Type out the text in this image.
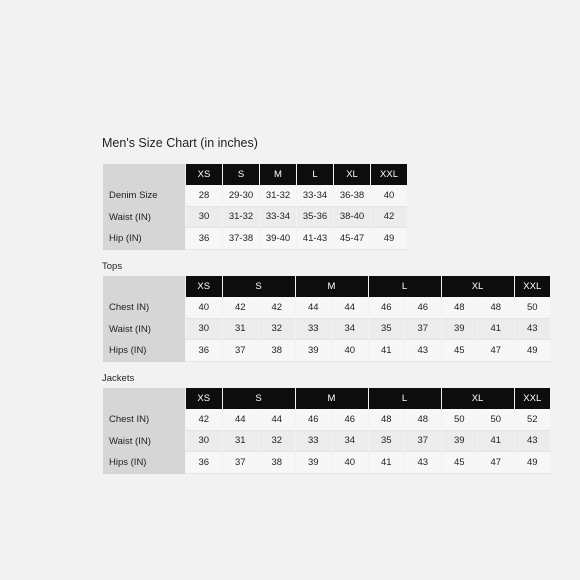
Men's Size Chart (in inches)
	XS	S	M	L	XL	XXL
Denim Size	28	29-30	31-32	33-34	36-38	40
Waist (IN)	30	31-32	33-34	35-36	38-40	42
Hip (IN)	36	37-38	39-40	41-43	45-47	49
Tops
	XS	S		M		L		XL		XXL
Chest IN)	40	42	42	44	44	46	46	48	48	50
Waist (IN)	30	31	32	33	34	35	37	39	41	43
Hips (IN)	36	37	38	39	40	41	43	45	47	49
Jackets
	XS	S		M		L		XL		XXL
Chest IN)	42	44	44	46	46	48	48	50	50	52
Waist (IN)	30	31	32	33	34	35	37	39	41	43
Hips (IN)	36	37	38	39	40	41	43	45	47	49
